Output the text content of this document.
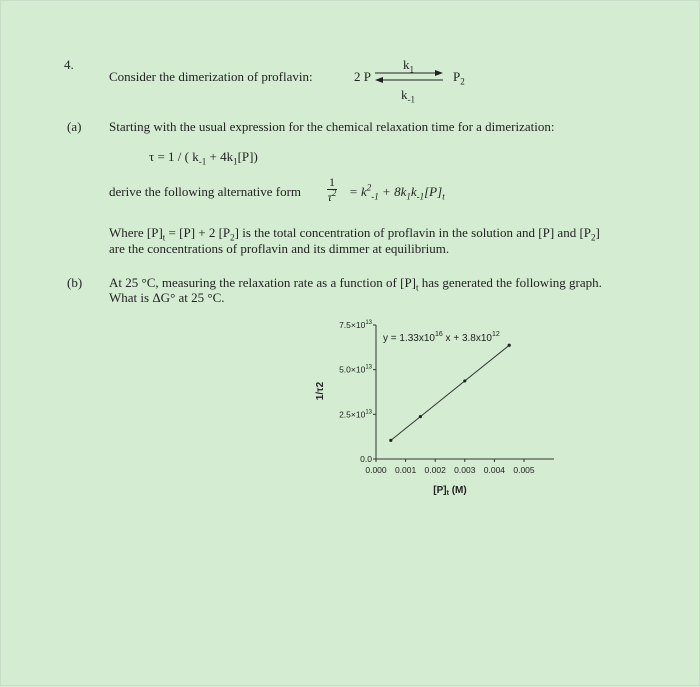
4.
Consider the dimerization of proflavin:	2 P
$k_1$
$k_{-1}$
$P_2$
(a) Starting with the usual expression for the chemical relaxation time for a dimerization:
τ = 1 / ( $k_{-1} + 4k_1[P]$)
derive the following alternative form $\frac{1}{\tau^2} = k^2_{-1} + 8k_1k_{-1}[P]_t$
Where $[P]_t = [P] + 2$ $[P_2]$ is the total concentration of proflavin in the solution and [P] and $[P_2]$
are the concentrations of proflavin and its dimmer at equilibrium.
(b) At 25 °C, measuring the relaxation rate as a function of $[P]_t$ has generated the following graph.
What is ΔG° at 25 °C.
0.000 0.001 0.002 0.003 0.004 0.005
0.0
$2.5\times 10^{13}$
$5.0\times 10^{13}$
$7.5\times 10^{13}$
$y = 1.33x10^{16}$ $x + 3.8x10^{12}$
$[P]_t$ (M)
1/τ2
